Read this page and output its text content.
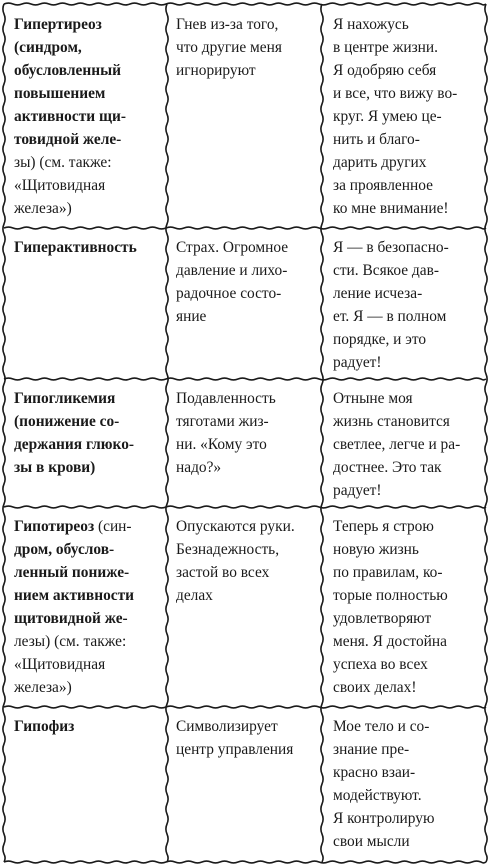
Гипертиреоз
(синдром,
обусловленный
повышением
активности щи-
товидной желе-
зы) (см. также:
«Щитовидная
железа»)
Гнев из-за того,
что другие меня
игнорируют
Я нахожусь
в центре жизни.
Я одобряю себя
и все, что вижу во-
круг. Я умею це-
нить и благо-
дарить других
за проявленное
ко мне внимание!
Гиперактивность	Страх. Огромное
давление и лихо-
радочное состо-
яние
Я — в безопасно-
сти. Всякое дав-
ление исчеза-
ет. Я — в полном
порядке, и это
радует!
Гипогликемия
(понижение со-
держания глюко-
зы в крови)
Подавленность
тяготами жиз-
ни. «Кому это
надо?»
Отныне моя
жизнь становится
светлее, легче и ра-
достнее. Это так
радует!
Гипотиреоз (син-
дром, обуслов-
ленный пониже-
нием активности
щитовидной же-
лезы) (см. также:
«Щитовидная
железа»)
Опускаются руки.
Безнадежность,
застой во всех
делах
Теперь я строю
новую жизнь
по правилам, ко-
торые полностью
удовлетворяют
меня. Я достойна
успеха во всех
своих делах!
Гипофиз	Символизирует
центр управления
Мое тело и со-
знание пре-
красно взаи-
модействуют.
Я контролирую
свои мысли
